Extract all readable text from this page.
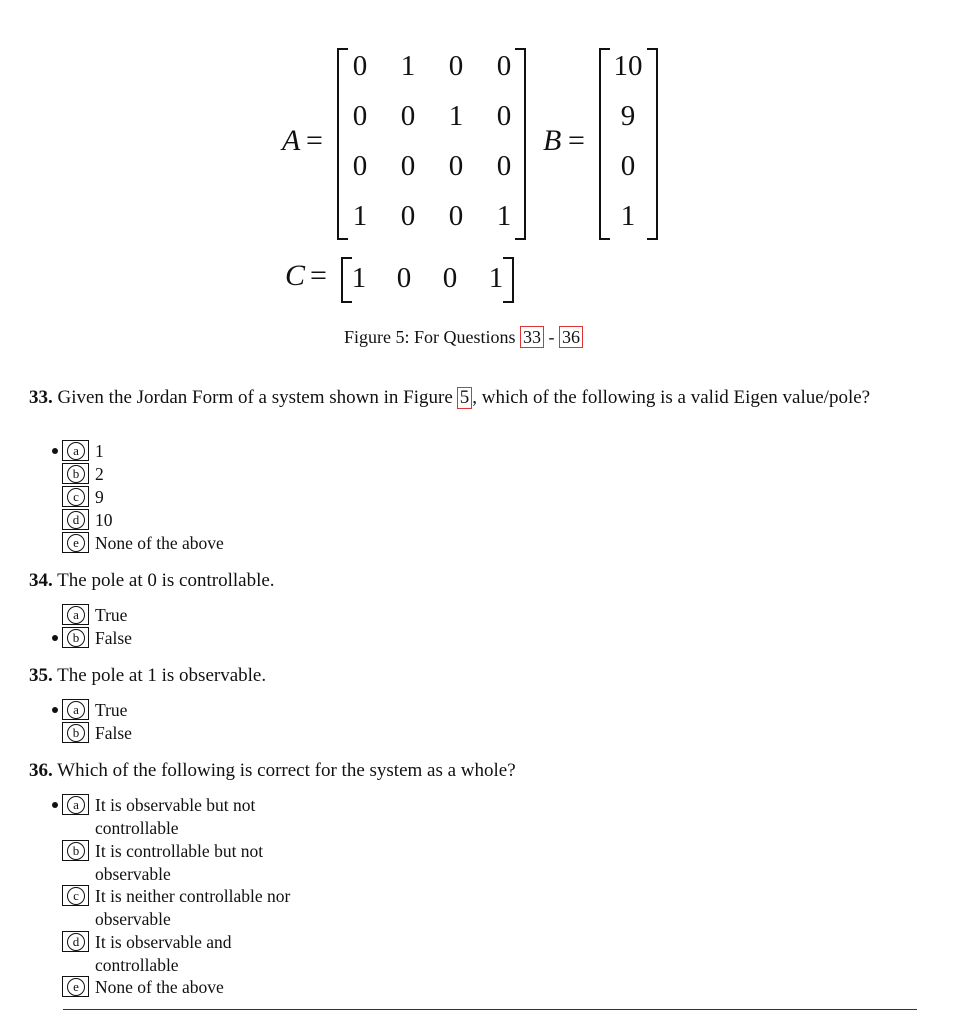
A =
0	1	0	0
0	0	1	0
0	0	0	0
1	0	0	1
B =
10
9
0
1
C = 1	0	0	1
Figure 5: For Questions 33 - 36
33. Given the Jordan Form of a system shown in Figure 5 , which of the following is a valid Eigen value/pole?
a 1
b 2
c 9
d 10
e None of the above
34. The pole at 0 is controllable.
a True
b False
35. The pole at 1 is observable.
a True
b False
36. Which of the following is correct for the system as a whole?
a It is observable but not
controllable
b It is controllable but not
observable
c It is neither controllable nor
observable
d It is observable and
controllable
e None of the above
